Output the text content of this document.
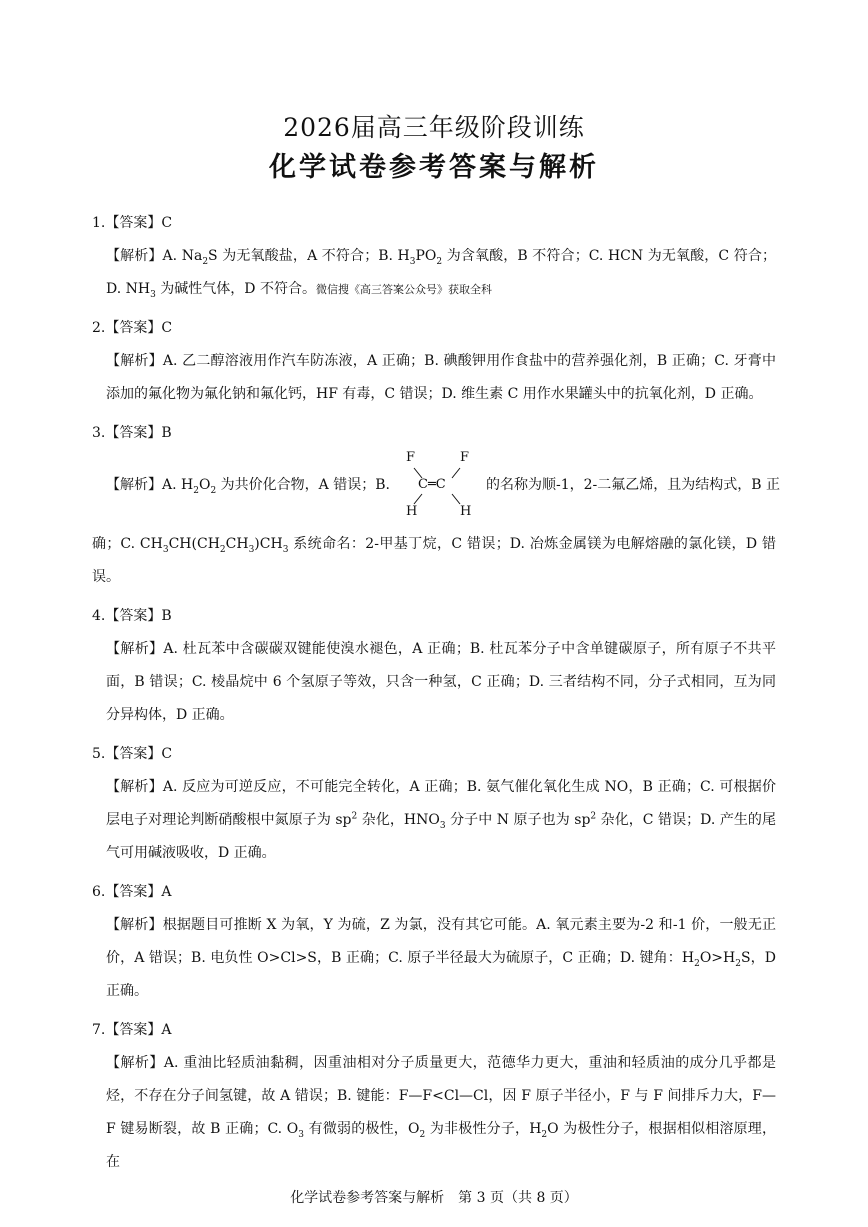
2026届高三年级阶段训练
化学试卷参考答案与解析
1.【答案】C
【解析】A. $Na_2S$ 为无氧酸盐，A 不符合；B. $H_3PO_2$ 为含氧酸，B 不符合；C. HCN 为无氧酸，C 符合；D. $NH_3$ 为碱性气体，D 不符合。微信搜《高三答案公众号》获取全科
2.【答案】C
【解析】A. 乙二醇溶液用作汽车防冻液，A 正确；B. 碘酸钾用作食盐中的营养强化剂，B 正确；C. 牙膏中添加的氟化物为氟化钠和氟化钙，HF 有毒，C 错误；D. 维生素 C 用作水果罐头中的抗氧化剂，D 正确。
3.【答案】B
【解析】A. $H_2O_2$ 为共价化合物，A 错误；B.
F	F
C═C
H	H
的名称为顺-1，2-二氟乙烯，且为结构式，B 正
确；C. $CH_3CH(CH_2CH_3)CH_3$ 系统命名：2-甲基丁烷，C 错误；D. 冶炼金属镁为电解熔融的氯化镁，D 错误。
4.【答案】B
【解析】A. 杜瓦苯中含碳碳双键能使溴水褪色，A 正确；B. 杜瓦苯分子中含单键碳原子，所有原子不共平面，B 错误；C. 棱晶烷中 6 个氢原子等效，只含一种氢，C 正确；D. 三者结构不同，分子式相同，互为同分异构体，D 正确。
5.【答案】C
【解析】A. 反应为可逆反应，不可能完全转化，A 正确；B. 氨气催化氧化生成 NO，B 正确；C. 可根据价层电子对理论判断硝酸根中氮原子为 $sp^2$ 杂化，$HNO_3$ 分子中 N 原子也为 $sp^2$ 杂化，C 错误；D. 产生的尾气可用碱液吸收，D 正确。
6.【答案】A
【解析】根据题目可推断 X 为氧，Y 为硫，Z 为氯，没有其它可能。A. 氧元素主要为-2 和-1 价，一般无正价，A 错误；B. 电负性 O>Cl>S，B 正确；C. 原子半径最大为硫原子，C 正确；D. 键角：$H_2O>H_2S$，D 正确。
7.【答案】A
【解析】A. 重油比轻质油黏稠，因重油相对分子质量更大，范德华力更大，重油和轻质油的成分几乎都是烃，不存在分子间氢键，故 A 错误；B. 键能：F—F<Cl—Cl，因 F 原子半径小，F 与 F 间排斥力大，F—F 键易断裂，故 B 正确；C. $O_3$ 有微弱的极性，$O_2$ 为非极性分子，$H_2O$ 为极性分子，根据相似相溶原理，在
化学试卷参考答案与解析　第 3 页（共 8 页）
